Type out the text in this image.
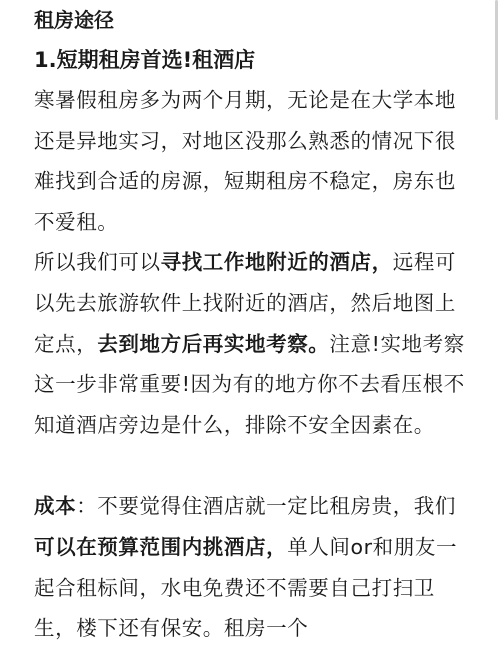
租房途径
1.短期租房首选!租酒店

寒暑假租房多为两个月期，无论是在大学本地还是异地实习，对地区没那么熟悉的情况下很难找到合适的房源，短期租房不稳定，房东也不爱租。

所以我们可以寻找工作地附近的酒店，远程可以先去旅游软件上找附近的酒店，然后地图上定点，去到地方后再实地考察。注意!实地考察这一步非常重要!因为有的地方你不去看压根不知道酒店旁边是什么，排除不安全因素在。

成本：不要觉得住酒店就一定比租房贵，我们可以在预算范围内挑酒店，单人间or和朋友一起合租标间，水电免费还不需要自己打扫卫生，楼下还有保安。租房一个
